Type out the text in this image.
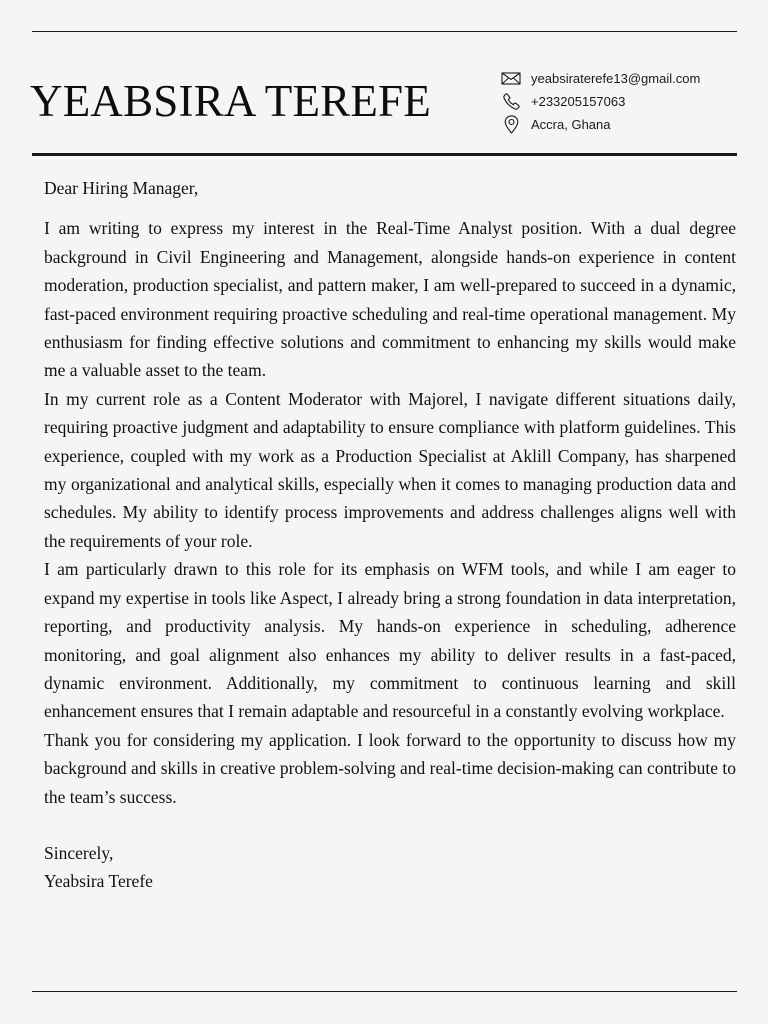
YEABSIRA TEREFE	yeabsiraterefe13@gmail.com
+233205157063
Accra, Ghana

Dear Hiring Manager,

I am writing to express my interest in the Real-Time Analyst position. With a dual degree background in Civil Engineering and Management, alongside hands-on experience in content moderation, production specialist, and pattern maker, I am well-prepared to succeed in a dynamic, fast-paced environment requiring proactive scheduling and real-time operational management. My enthusiasm for finding effective solutions and commitment to enhancing my skills would make me a valuable asset to the team.

In my current role as a Content Moderator with Majorel, I navigate different situations daily, requiring proactive judgment and adaptability to ensure compliance with platform guidelines. This experience, coupled with my work as a Production Specialist at Aklill Company, has sharpened my organizational and analytical skills, especially when it comes to managing production data and schedules. My ability to identify process improvements and address challenges aligns well with the requirements of your role.

I am particularly drawn to this role for its emphasis on WFM tools, and while I am eager to expand my expertise in tools like Aspect, I already bring a strong foundation in data interpretation, reporting, and productivity analysis. My hands-on experience in scheduling, adherence monitoring, and goal alignment also enhances my ability to deliver results in a fast-paced, dynamic environment. Additionally, my commitment to continuous learning and skill enhancement ensures that I remain adaptable and resourceful in a constantly evolving workplace.

Thank you for considering my application. I look forward to the opportunity to discuss how my background and skills in creative problem-solving and real-time decision-making can contribute to the team’s success.

Sincerely,

Yeabsira Terefe
